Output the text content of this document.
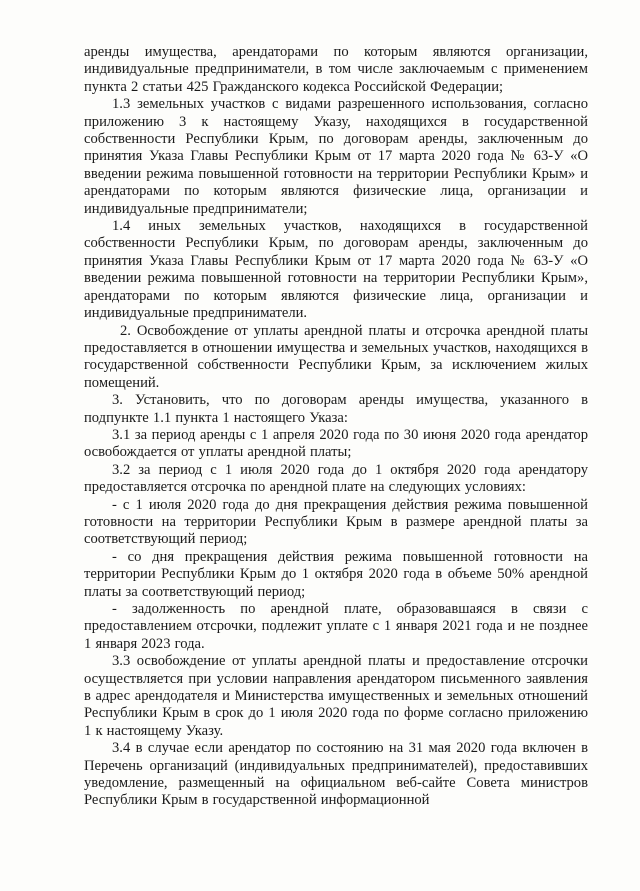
аренды имущества, арендаторами по которым являются организации, индивидуальные предприниматели, в том числе заключаемым с применением пункта 2 статьи 425 Гражданского кодекса Российской Федерации;

1.3 земельных участков с видами разрешенного использования, согласно приложению 3 к настоящему Указу, находящихся в государственной собственности Республики Крым, по договорам аренды, заключенным до принятия Указа Главы Республики Крым от 17 марта 2020 года № 63-У «О введении режима повышенной готовности на территории Республики Крым» и арендаторами по которым являются физические лица, организации и индивидуальные предприниматели;

1.4 иных земельных участков, находящихся в государственной собственности Республики Крым, по договорам аренды, заключенным до принятия Указа Главы Республики Крым от 17 марта 2020 года № 63-У «О введении режима повышенной готовности на территории Республики Крым», арендаторами по которым являются физические лица, организации и индивидуальные предприниматели.

2. Освобождение от уплаты арендной платы и отсрочка арендной платы предоставляется в отношении имущества и земельных участков, находящихся в государственной собственности Республики Крым, за исключением жилых помещений.

3. Установить, что по договорам аренды имущества, указанного в подпункте 1.1 пункта 1 настоящего Указа:

3.1 за период аренды с 1 апреля 2020 года по 30 июня 2020 года арендатор освобождается от уплаты арендной платы;

3.2 за период с 1 июля 2020 года до 1 октября 2020 года арендатору предоставляется отсрочка по арендной плате на следующих условиях:

- с 1 июля 2020 года до дня прекращения действия режима повышенной готовности на территории Республики Крым в размере арендной платы за соответствующий период;

- со дня прекращения действия режима повышенной готовности на территории Республики Крым до 1 октября 2020 года в объеме 50% арендной платы за соответствующий период;

- задолженность по арендной плате, образовавшаяся в связи с предоставлением отсрочки, подлежит уплате с 1 января 2021 года и не позднее 1 января 2023 года.

3.3 освобождение от уплаты арендной платы и предоставление отсрочки осуществляется при условии направления арендатором письменного заявления в адрес арендодателя и Министерства имущественных и земельных отношений Республики Крым в срок до 1 июля 2020 года по форме согласно приложению 1 к настоящему Указу.

3.4 в случае если арендатор по состоянию на 31 мая 2020 года включен в Перечень организаций (индивидуальных предпринимателей), предоставивших уведомление, размещенный на официальном веб-сайте Совета министров Республики Крым в государственной информационной
